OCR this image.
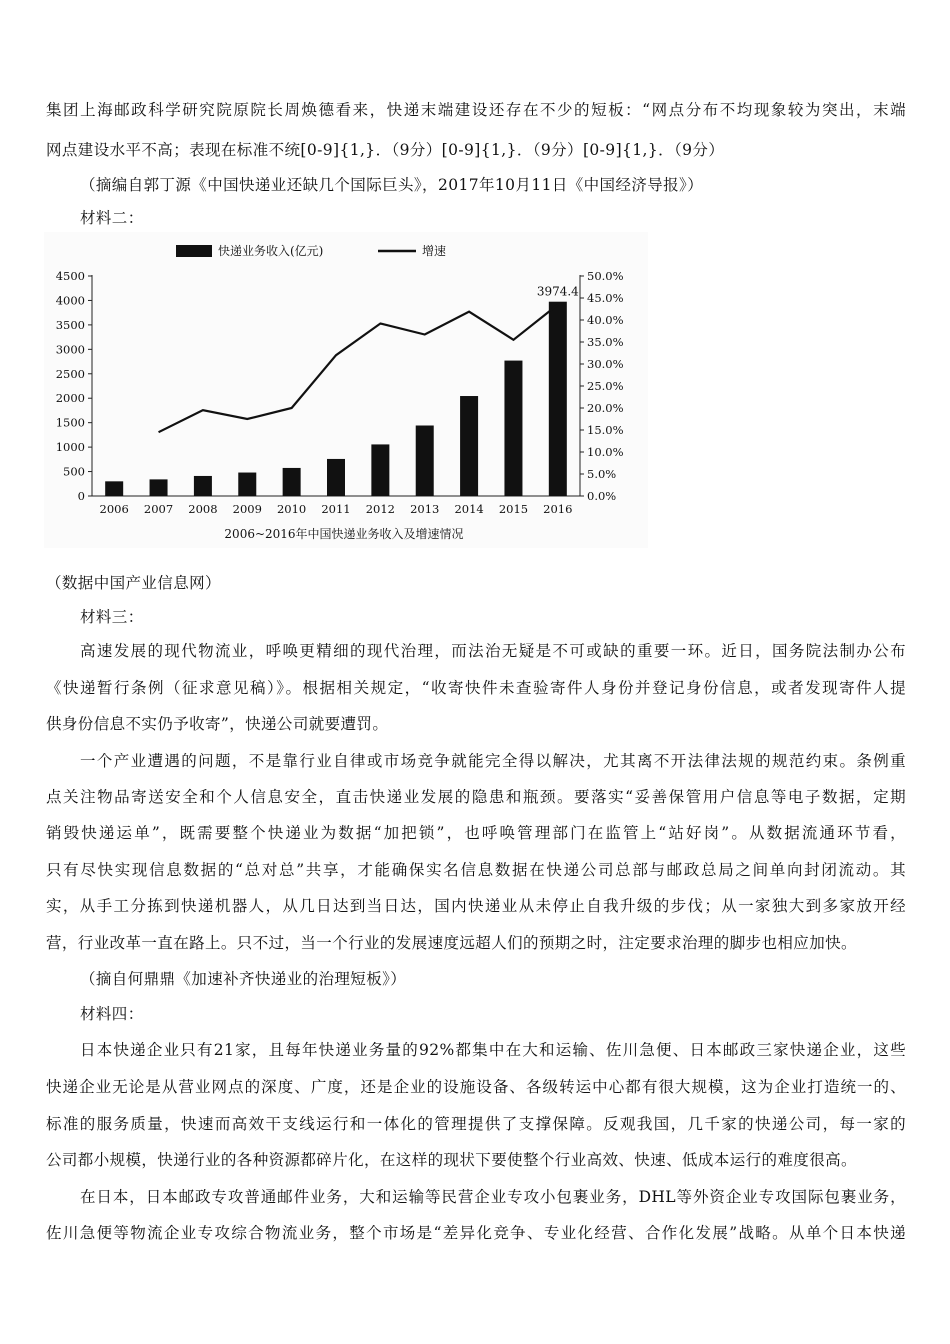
集团上海邮政科学研究院原院长周焕德看来，快递末端建设还存在不少的短板：“网点分布不均现象较为突出，末端
网点建设水平不高；表现在标准不统[0-9]{1,}．（9分）[0-9]{1,}．（9分）[0-9]{1,}．（9分）
（摘编自郭丁源《中国快递业还缺几个国际巨头》，2017年10月11日《中国经济导报》）
材料二：
快递业务收入(亿元)	增速
0
500
1000
1500
2000
2500
3000
3500
4000
4500
0.0%
5.0%
10.0%
15.0%
20.0%
25.0%
30.0%
35.0%
40.0%
45.0%
50.0%
2006 2007 2008 2009 2010 2011 2012 2013 2014 2015 2016
3974.4
2006~2016年中国快递业务收入及增速情况
（数据中国产业信息网）
材料三：
高速发展的现代物流业，呼唤更精细的现代治理，而法治无疑是不可或缺的重要一环。近日，国务院法制办公布
《快递暂行条例（征求意见稿）》。根据相关规定，“收寄快件未查验寄件人身份并登记身份信息，或者发现寄件人提
供身份信息不实仍予收寄”，快递公司就要遭罚。
一个产业遭遇的问题，不是靠行业自律或市场竞争就能完全得以解决，尤其离不开法律法规的规范约束。条例重
点关注物品寄送安全和个人信息安全，直击快递业发展的隐患和瓶颈。要落实“妥善保管用户信息等电子数据，定期
销毁快递运单”，既需要整个快递业为数据“加把锁”，也呼唤管理部门在监管上“站好岗”。从数据流通环节看，
只有尽快实现信息数据的“总对总”共享，才能确保实名信息数据在快递公司总部与邮政总局之间单向封闭流动。其
实，从手工分拣到快递机器人，从几日达到当日达，国内快递业从未停止自我升级的步伐；从一家独大到多家放开经
营，行业改革一直在路上。只不过，当一个行业的发展速度远超人们的预期之时，注定要求治理的脚步也相应加快。
（摘自何鼎鼎《加速补齐快递业的治理短板》）
材料四：
日本快递企业只有21家，且每年快递业务量的92%都集中在大和运输、佐川急便、日本邮政三家快递企业，这些
快递企业无论是从营业网点的深度、广度，还是企业的设施设备、各级转运中心都有很大规模，这为企业打造统一的、
标准的服务质量，快速而高效干支线运行和一体化的管理提供了支撑保障。反观我国，几千家的快递公司，每一家的
公司都小规模，快递行业的各种资源都碎片化，在这样的现状下要使整个行业高效、快速、低成本运行的难度很高。
在日本，日本邮政专攻普通邮件业务，大和运输等民营企业专攻小包裹业务，DHL等外资企业专攻国际包裹业务，
佐川急便等物流企业专攻综合物流业务，整个市场是“差异化竞争、专业化经营、合作化发展”战略。从单个日本快递
